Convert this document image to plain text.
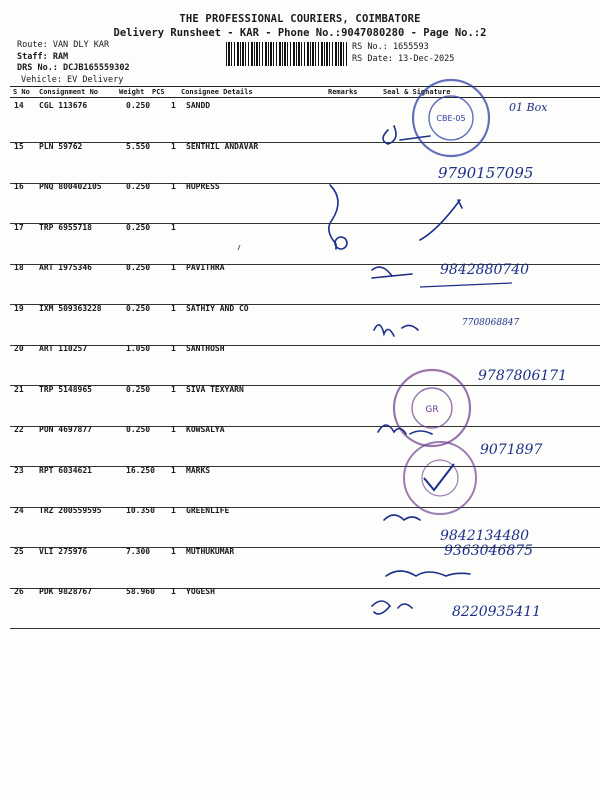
THE PROFESSIONAL COURIERS, COIMBATORE
Delivery Runsheet - KAR - Phone No.:9047080280 - Page No.:2
Route: VAN DLY KAR
Staff: RAM
DRS No.: DCJB165559302
Vehicle: EV Delivery
RS No.: 1655593
RS Date: 13-Dec-2025
S No Consignment No	Weight PCS Consignee Details	Remarks	Seal & Signature
14 CGL 113676	0.250	1 SANDD
15 PLN 59762	5.550	1 SENTHIL ANDAVAR
16 PNQ 800402105	0.250	1 HUPRESS
17 TRP 6955718	0.250	1
18 ART 1975346	0.250	1 PAVITHRA
19 IXM 509363228	0.250	1 SATHIY AND CO
20 ART 110257	1.050	1 SANTHOSH
21 TRP 5148965	0.250	1 SIVA TEXYARN
22 PON 4697877	0.250	1 KOWSALYA
23 RPT 6034621	16.250 1 MARKS
24 TRZ 200559595	10.350 1 GREENLIFE
25 VLI 275976	7.300	1 MUTHUKUMAR
26 PDK 9828767	58.960 1 YOGESH
CBE-05
GR
01 Box
9790157095
9842880740
7708068847
9787806171
9071897
9842134480
9363046875
8220935411
